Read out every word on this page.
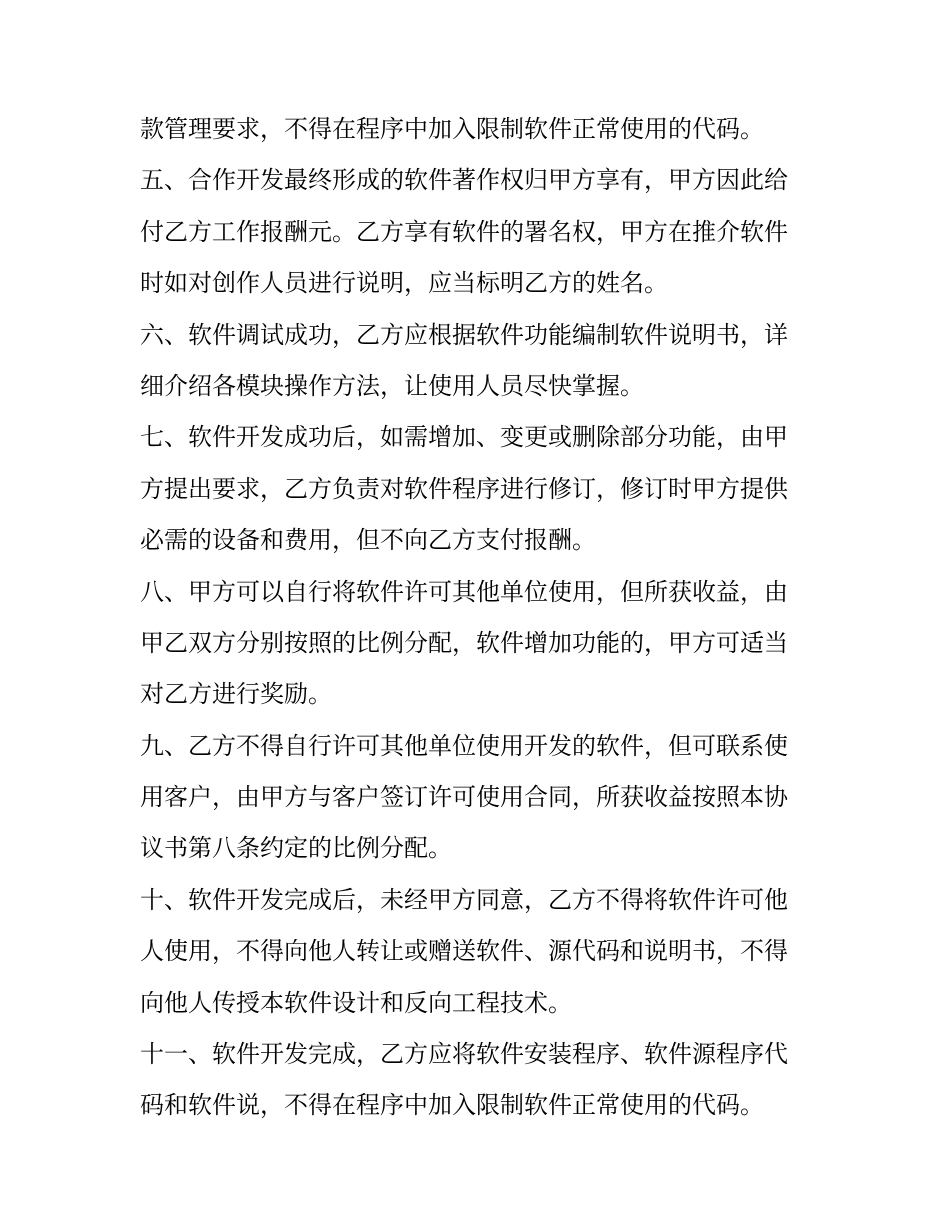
款管理要求，不得在程序中加入限制软件正常使用的代码。
五、合作开发最终形成的软件著作权归甲方享有，甲方因此给
付乙方工作报酬元。乙方享有软件的署名权，甲方在推介软件
时如对创作人员进行说明，应当标明乙方的姓名。
六、软件调试成功，乙方应根据软件功能编制软件说明书，详
细介绍各模块操作方法，让使用人员尽快掌握。
七、软件开发成功后，如需增加、变更或删除部分功能，由甲
方提出要求，乙方负责对软件程序进行修订，修订时甲方提供
必需的设备和费用，但不向乙方支付报酬。
八、甲方可以自行将软件许可其他单位使用，但所获收益，由
甲乙双方分别按照的比例分配，软件增加功能的，甲方可适当
对乙方进行奖励。
九、乙方不得自行许可其他单位使用开发的软件，但可联系使
用客户，由甲方与客户签订许可使用合同，所获收益按照本协
议书第八条约定的比例分配。
十、软件开发完成后，未经甲方同意，乙方不得将软件许可他
人使用，不得向他人转让或赠送软件、源代码和说明书，不得
向他人传授本软件设计和反向工程技术。
十一、软件开发完成，乙方应将软件安装程序、软件源程序代
码和软件说，不得在程序中加入限制软件正常使用的代码。
